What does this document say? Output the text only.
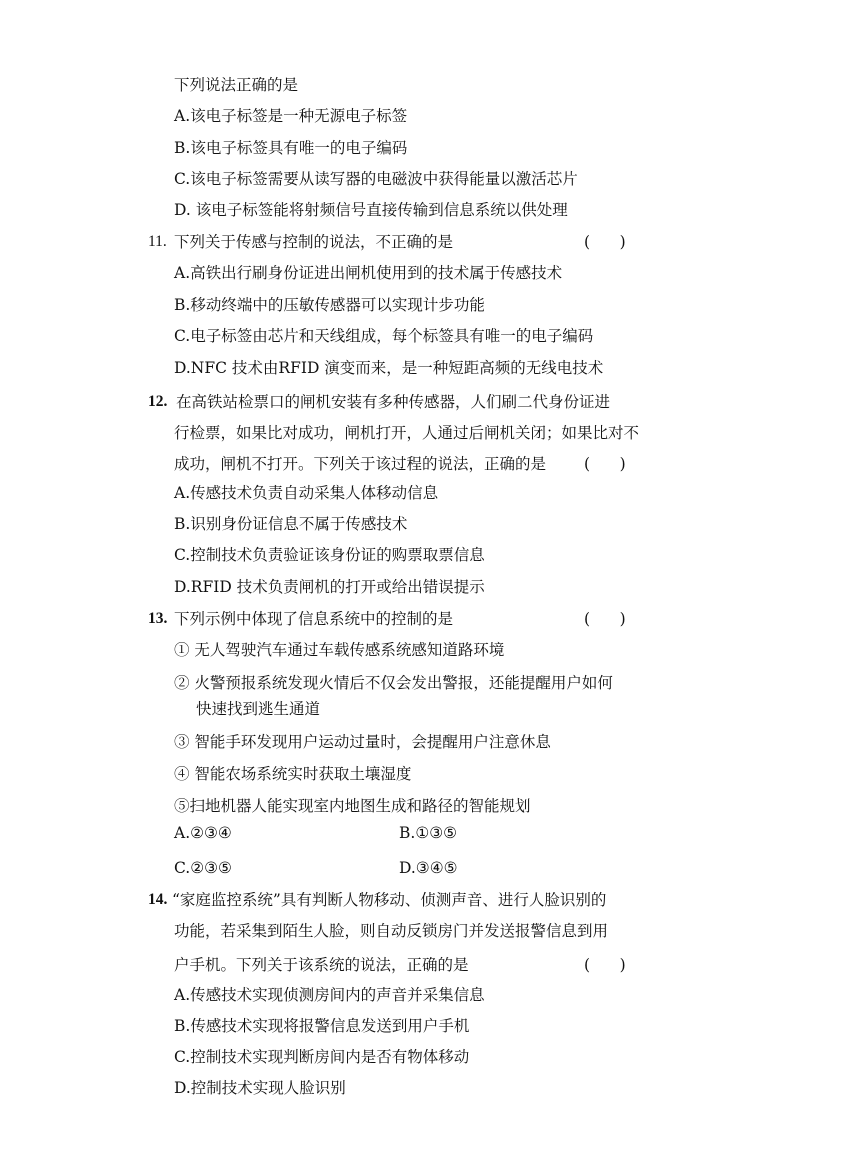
下列说法正确的是
A.该电子标签是一种无源电子标签
B.该电子标签具有唯一的电子编码
C.该电子标签需要从读写器的电磁波中获得能量以激活芯片
D. 该电子标签能将射频信号直接传输到信息系统以供处理
11. 下列关于传感与控制的说法，不正确的是	(      )
A.高铁出行刷身份证进出闸机使用到的技术属于传感技术
B.移动终端中的压敏传感器可以实现计步功能
C.电子标签由芯片和天线组成，每个标签具有唯一的电子编码
D.NFC 技术由RFID 演变而来，是一种短距高频的无线电技术
12. 在高铁站检票口的闸机安装有多种传感器，人们刷二代身份证进
行检票，如果比对成功，闸机打开，人通过后闸机关闭；如果比对不
成功，闸机不打开。下列关于该过程的说法，正确的是 (      )
A.传感技术负责自动采集人体移动信息
B.识别身份证信息不属于传感技术
C.控制技术负责验证该身份证的购票取票信息
D.RFID 技术负责闸机的打开或给出错误提示
13. 下列示例中体现了信息系统中的控制的是	(      )
① 无人驾驶汽车通过车载传感系统感知道路环境
② 火警预报系统发现火情后不仅会发出警报，还能提醒用户如何
快速找到逃生通道
③ 智能手环发现用户运动过量时，会提醒用户注意休息
④ 智能农场系统实时获取土壤湿度
⑤扫地机器人能实现室内地图生成和路径的智能规划
A.②③④	B.①③⑤
C.②③⑤	D.③④⑤
14. “家庭监控系统”具有判断人物移动、侦测声音、进行人脸识别的
功能，若采集到陌生人脸，则自动反锁房门并发送报警信息到用
户手机。下列关于该系统的说法，正确的是	(      )
A.传感技术实现侦测房间内的声音并采集信息
B.传感技术实现将报警信息发送到用户手机
C.控制技术实现判断房间内是否有物体移动
D.控制技术实现人脸识别
